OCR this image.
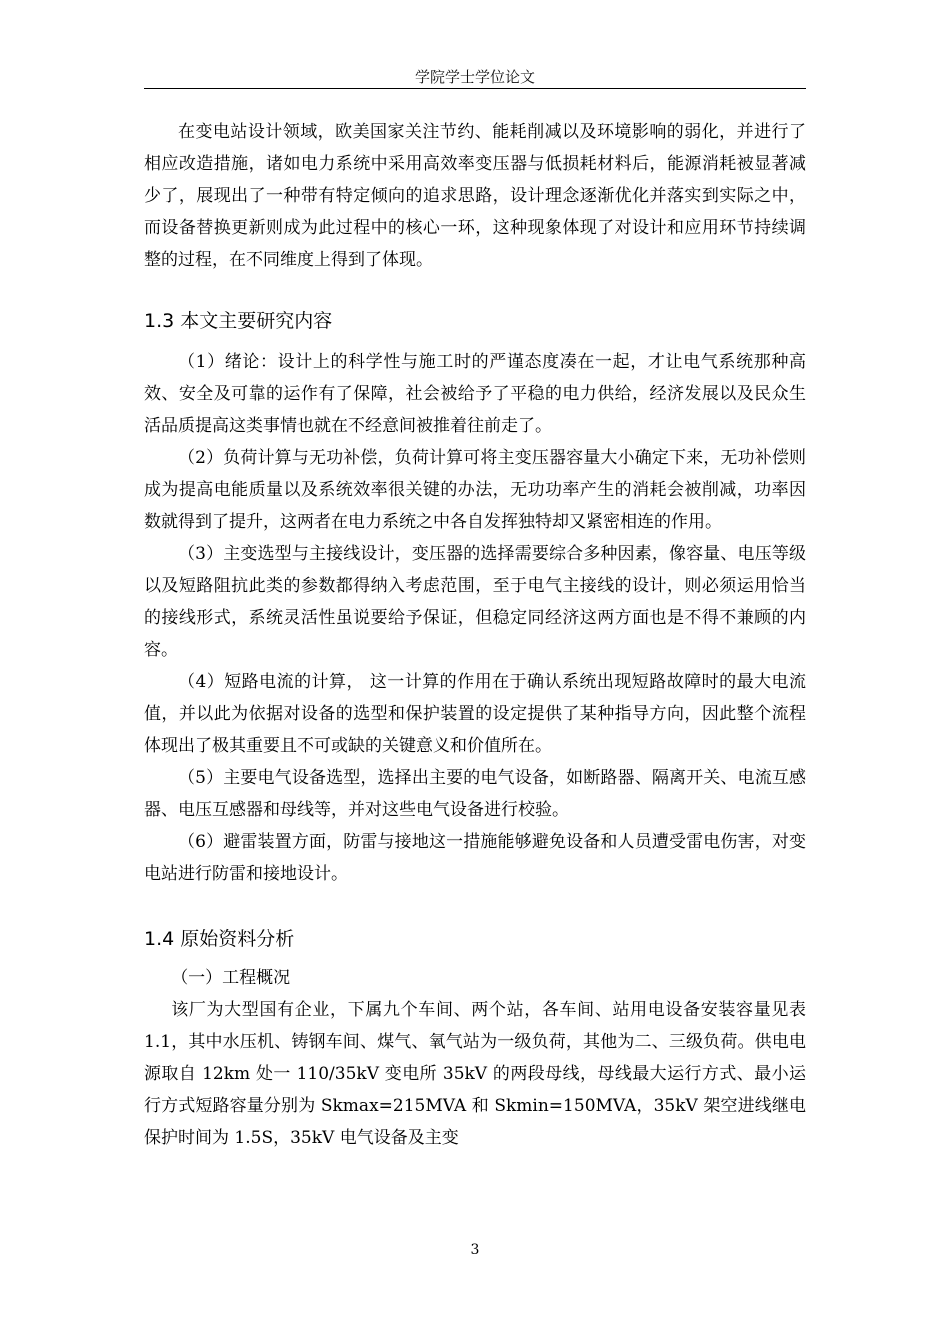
学院学士学位论文

在变电站设计领域，欧美国家关注节约、能耗削减以及环境影响的弱化，并进行了相应改造措施，诸如电力系统中采用高效率变压器与低损耗材料后，能源消耗被显著减少了，展现出了一种带有特定倾向的追求思路，设计理念逐渐优化并落实到实际之中，而设备替换更新则成为此过程中的核心一环，这种现象体现了对设计和应用环节持续调整的过程，在不同维度上得到了体现。

1.3 本文主要研究内容

（1）绪论：设计上的科学性与施工时的严谨态度凑在一起，才让电气系统那种高效、安全及可靠的运作有了保障，社会被给予了平稳的电力供给，经济发展以及民众生活品质提高这类事情也就在不经意间被推着往前走了。

（2）负荷计算与无功补偿，负荷计算可将主变压器容量大小确定下来，无功补偿则成为提高电能质量以及系统效率很关键的办法，无功功率产生的消耗会被削减，功率因数就得到了提升，这两者在电力系统之中各自发挥独特却又紧密相连的作用。

（3）主变选型与主接线设计，变压器的选择需要综合多种因素，像容量、电压等级以及短路阻抗此类的参数都得纳入考虑范围，至于电气主接线的设计，则必须运用恰当的接线形式，系统灵活性虽说要给予保证，但稳定同经济这两方面也是不得不兼顾的内容。

（4）短路电流的计算， 这一计算的作用在于确认系统出现短路故障时的最大电流值，并以此为依据对设备的选型和保护装置的设定提供了某种指导方向，因此整个流程体现出了极其重要且不可或缺的关键意义和价值所在。

（5）主要电气设备选型，选择出主要的电气设备，如断路器、隔离开关、电流互感器、电压互感器和母线等，并对这些电气设备进行校验。

（6）避雷装置方面，防雷与接地这一措施能够避免设备和人员遭受雷电伤害，对变电站进行防雷和接地设计。

1.4 原始资料分析

（一）工程概况

该厂为大型国有企业，下属九个车间、两个站，各车间、站用电设备安装容量见表 1.1，其中水压机、铸钢车间、煤气、氧气站为一级负荷，其他为二、三级负荷。供电电源取自 12km 处一 110/35kV 变电所 35kV 的两段母线，母线最大运行方式、最小运行方式短路容量分别为 Skmax=215MVA 和 Skmin=150MVA，35kV 架空进线继电保护时间为 1.5S，35kV 电气设备及主变

3
